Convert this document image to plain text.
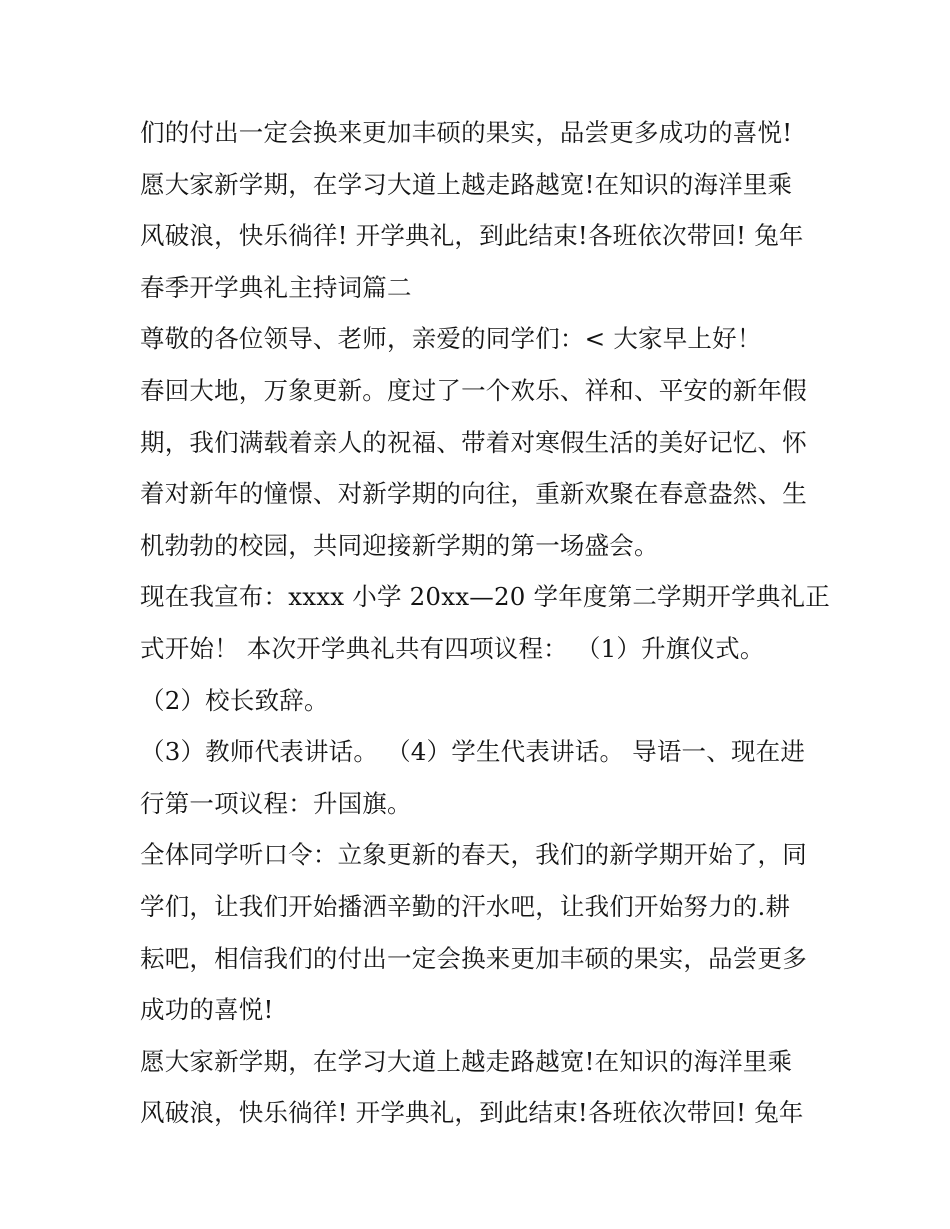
们的付出一定会换来更加丰硕的果实，品尝更多成功的喜悦!
愿大家新学期，在学习大道上越走路越宽!在知识的海洋里乘
风破浪，快乐徜徉! 开学典礼，到此结束!各班依次带回! 兔年
春季开学典礼主持词篇二
尊敬的各位领导、老师，亲爱的同学们：< 大家早上好！
春回大地，万象更新。度过了一个欢乐、祥和、平安的新年假
期，我们满载着亲人的祝福、带着对寒假生活的美好记忆、怀
着对新年的憧憬、对新学期的向往，重新欢聚在春意盎然、生
机勃勃的校园，共同迎接新学期的第一场盛会。
现在我宣布：xxxx 小学 20xx—20 学年度第二学期开学典礼正
式开始！ 本次开学典礼共有四项议程： （1）升旗仪式。
（2）校长致辞。
（3）教师代表讲话。 （4）学生代表讲话。 导语一、现在进
行第一项议程：升国旗。
全体同学听口令：立象更新的春天，我们的新学期开始了，同
学们，让我们开始播洒辛勤的汗水吧，让我们开始努力的.耕
耘吧，相信我们的付出一定会换来更加丰硕的果实，品尝更多
成功的喜悦!
愿大家新学期，在学习大道上越走路越宽!在知识的海洋里乘
风破浪，快乐徜徉! 开学典礼，到此结束!各班依次带回! 兔年
